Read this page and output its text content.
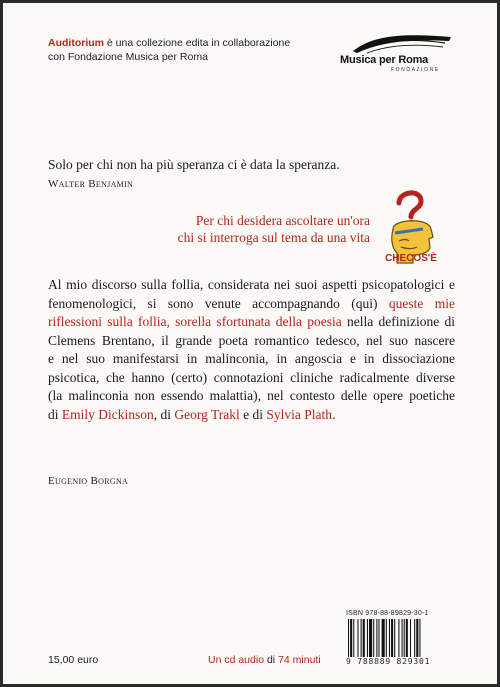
Auditorium è una collezione edita in collaborazione
con Fondazione Musica per Roma	Musica per Roma
FONDAZIONE
Solo per chi non ha più speranza ci è data la speranza.
Walter Benjamin
Per chi desidera ascoltare un'ora
chi si interroga sul tema da una vita
CHECOS'È
Al mio discorso sulla follia, considerata nei suoi aspetti psicopatologici e
fenomenologici, si sono venute accompagnando (qui) queste mie
riflessioni sulla follia, sorella sfortunata della poesia nella definizione di
Clemens Brentano, il grande poeta romantico tedesco, nel suo nascere
e nel suo manifestarsi in malinconia, in angoscia e in dissociazione
psicotica, che hanno (certo) connotazioni cliniche radicalmente diverse
(la malinconia non essendo malattia), nel contesto delle opere poetiche
di Emily Dickinson, di Georg Trakl e di Sylvia Plath.
Eugenio Borgna
ISBN 978-88-89829-30-1
9 788889 829301
15,00 euro	Un cd audio di 74 minuti
